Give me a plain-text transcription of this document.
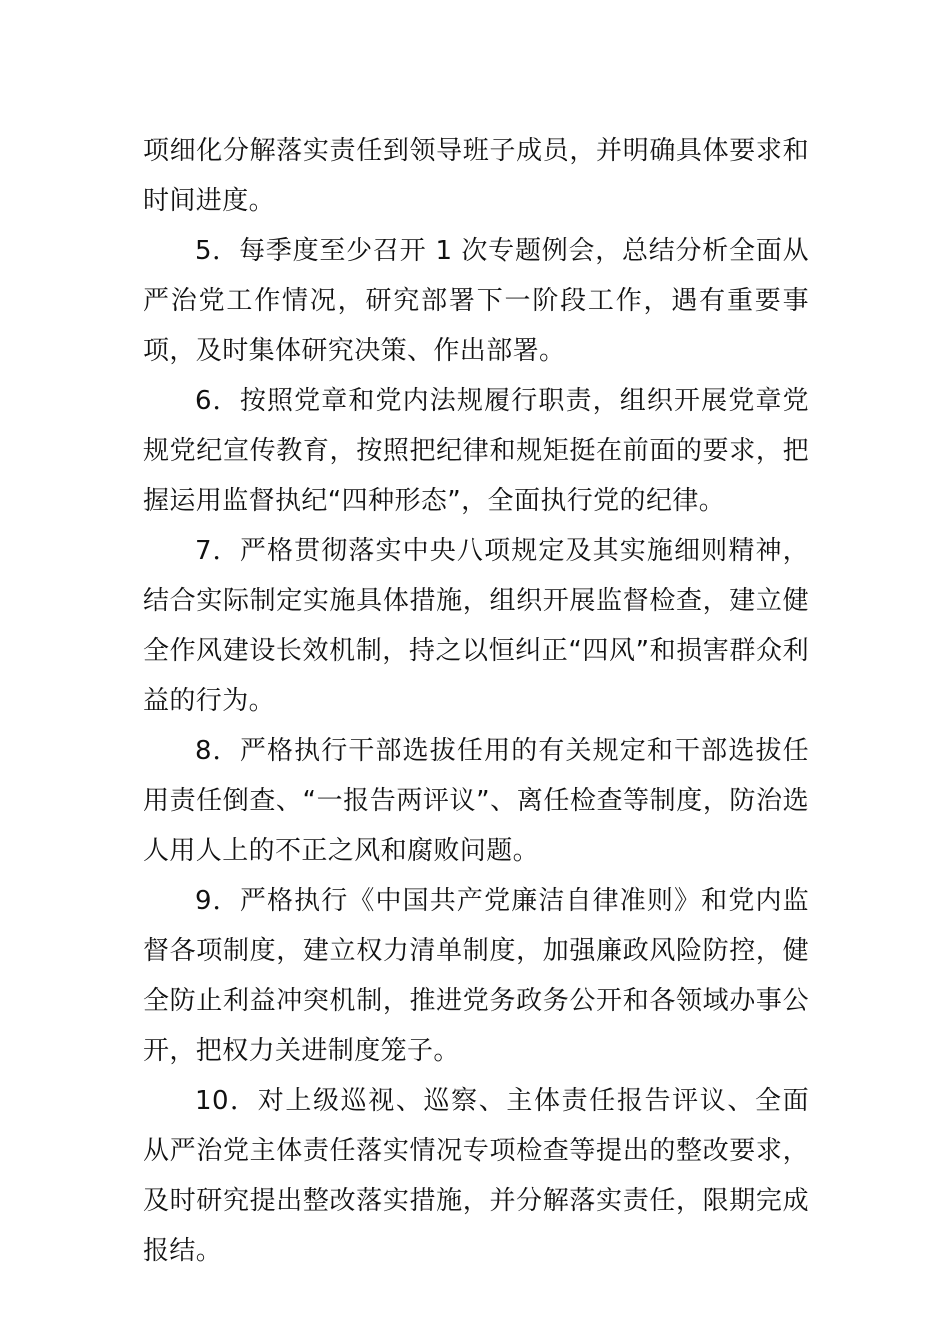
项细化分解落实责任到领导班子成员，并明确具体要求和时间进度。

5．每季度至少召开 1 次专题例会，总结分析全面从严治党工作情况，研究部署下一阶段工作，遇有重要事项，及时集体研究决策、作出部署。

6．按照党章和党内法规履行职责，组织开展党章党规党纪宣传教育，按照把纪律和规矩挺在前面的要求，把握运用监督执纪“四种形态”，全面执行党的纪律。

7．严格贯彻落实中央八项规定及其实施细则精神，结合实际制定实施具体措施，组织开展监督检查，建立健全作风建设长效机制，持之以恒纠正“四风”和损害群众利益的行为。

8．严格执行干部选拔任用的有关规定和干部选拔任用责任倒查、“一报告两评议”、离任检查等制度，防治选人用人上的不正之风和腐败问题。

9．严格执行《中国共产党廉洁自律准则》和党内监督各项制度，建立权力清单制度，加强廉政风险防控，健全防止利益冲突机制，推进党务政务公开和各领域办事公开，把权力关进制度笼子。

10．对上级巡视、巡察、主体责任报告评议、全面从严治党主体责任落实情况专项检查等提出的整改要求，及时研究提出整改落实措施，并分解落实责任，限期完成报结。
